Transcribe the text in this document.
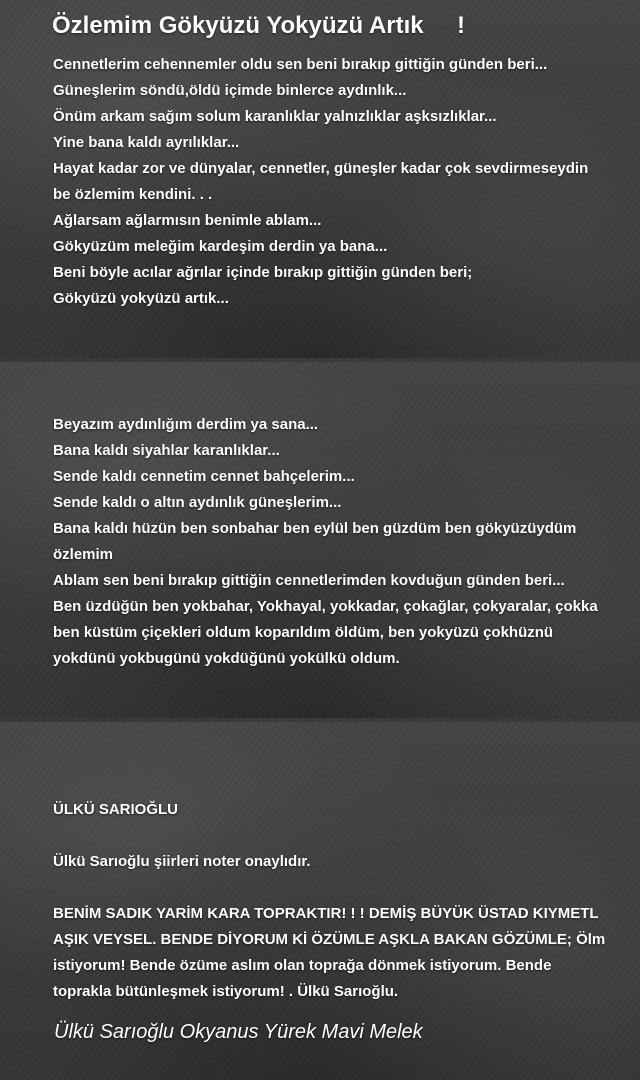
Özlemim Gökyüzü Yokyüzü Artık     !
Cennetlerim cehennemler oldu sen beni bırakıp gittiğin günden beri...
Güneşlerim söndü,öldü içimde binlerce aydınlık...
Önüm arkam sağım solum karanlıklar yalnızlıklar aşksızlıklar...
Yine bana kaldı ayrılıklar...
Hayat kadar zor ve dünyalar, cennetler, güneşler kadar çok sevdirmeseydin
be özlemim kendini. . .
Ağlarsam ağlarmısın benimle ablam...
Gökyüzüm meleğim kardeşim derdin ya bana...
Beni böyle acılar ağrılar içinde bırakıp gittiğin günden beri;
Gökyüzü yokyüzü artık...
Beyazım aydınlığım derdim ya sana...
Bana kaldı siyahlar karanlıklar...
Sende kaldı cennetim cennet bahçelerim...
Sende kaldı o altın aydınlık güneşlerim...
Bana kaldı hüzün ben sonbahar ben eylül ben güzdüm ben gökyüzüydüm
özlemim
Ablam sen beni bırakıp gittiğin cennetlerimden kovduğun günden beri...
Ben üzdüğün ben yokbahar, Yokhayal, yokkadar, çokağlar, çokyaralar, çokka
ben küstüm çiçekleri oldum koparıldım öldüm, ben yokyüzü çokhüznü
yokdünü yokbugünü yokdüğünü yokülkü oldum.
ÜLKÜ SARIOĞLU
Ülkü Sarıoğlu şiirleri noter onaylıdır.
BENİM SADIK YARİM KARA TOPRAKTIR! ! ! DEMİŞ BÜYÜK ÜSTAD KIYMETL
AŞIK VEYSEL. BENDE DİYORUM Kİ ÖZÜMLE AŞKLA BAKAN GÖZÜMLE; Ölm
istiyorum! Bende özüme aslım olan toprağa dönmek istiyorum. Bende
toprakla bütünleşmek istiyorum! . Ülkü Sarıoğlu.
Ülkü Sarıoğlu Okyanus Yürek Mavi Melek
